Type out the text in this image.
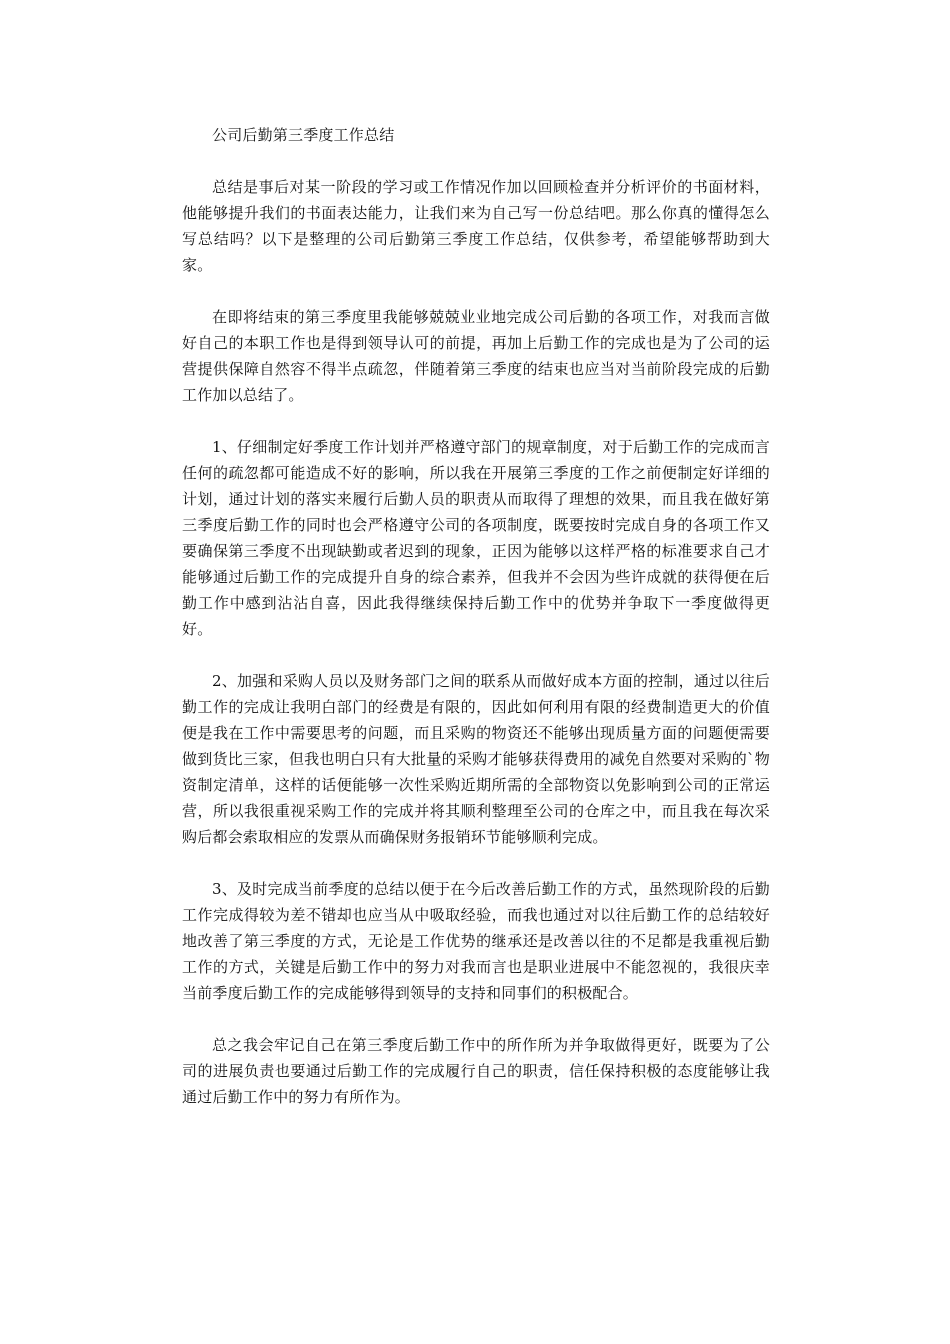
公司后勤第三季度工作总结

总结是事后对某一阶段的学习或工作情况作加以回顾检查并分析评价的书面材料，他能够提升我们的书面表达能力，让我们来为自己写一份总结吧。那么你真的懂得怎么写总结吗？以下是整理的公司后勤第三季度工作总结，仅供参考，希望能够帮助到大家。

在即将结束的第三季度里我能够兢兢业业地完成公司后勤的各项工作，对我而言做好自己的本职工作也是得到领导认可的前提，再加上后勤工作的完成也是为了公司的运营提供保障自然容不得半点疏忽，伴随着第三季度的结束也应当对当前阶段完成的后勤工作加以总结了。

1、仔细制定好季度工作计划并严格遵守部门的规章制度，对于后勤工作的完成而言任何的疏忽都可能造成不好的影响，所以我在开展第三季度的工作之前便制定好详细的计划，通过计划的落实来履行后勤人员的职责从而取得了理想的效果，而且我在做好第三季度后勤工作的同时也会严格遵守公司的各项制度，既要按时完成自身的各项工作又要确保第三季度不出现缺勤或者迟到的现象，正因为能够以这样严格的标准要求自己才能够通过后勤工作的完成提升自身的综合素养，但我并不会因为些许成就的获得便在后勤工作中感到沾沾自喜，因此我得继续保持后勤工作中的优势并争取下一季度做得更好。

2、加强和采购人员以及财务部门之间的联系从而做好成本方面的控制，通过以往后勤工作的完成让我明白部门的经费是有限的，因此如何利用有限的经费制造更大的价值便是我在工作中需要思考的问题，而且采购的物资还不能够出现质量方面的问题便需要做到货比三家，但我也明白只有大批量的采购才能够获得费用的减免自然要对采购的`物资制定清单，这样的话便能够一次性采购近期所需的全部物资以免影响到公司的正常运营，所以我很重视采购工作的完成并将其顺利整理至公司的仓库之中，而且我在每次采购后都会索取相应的发票从而确保财务报销环节能够顺利完成。

3、及时完成当前季度的总结以便于在今后改善后勤工作的方式，虽然现阶段的后勤工作完成得较为差不错却也应当从中吸取经验，而我也通过对以往后勤工作的总结较好地改善了第三季度的方式，无论是工作优势的继承还是改善以往的不足都是我重视后勤工作的方式，关键是后勤工作中的努力对我而言也是职业进展中不能忽视的，我很庆幸当前季度后勤工作的完成能够得到领导的支持和同事们的积极配合。

总之我会牢记自己在第三季度后勤工作中的所作所为并争取做得更好，既要为了公司的进展负责也要通过后勤工作的完成履行自己的职责，信任保持积极的态度能够让我通过后勤工作中的努力有所作为。
